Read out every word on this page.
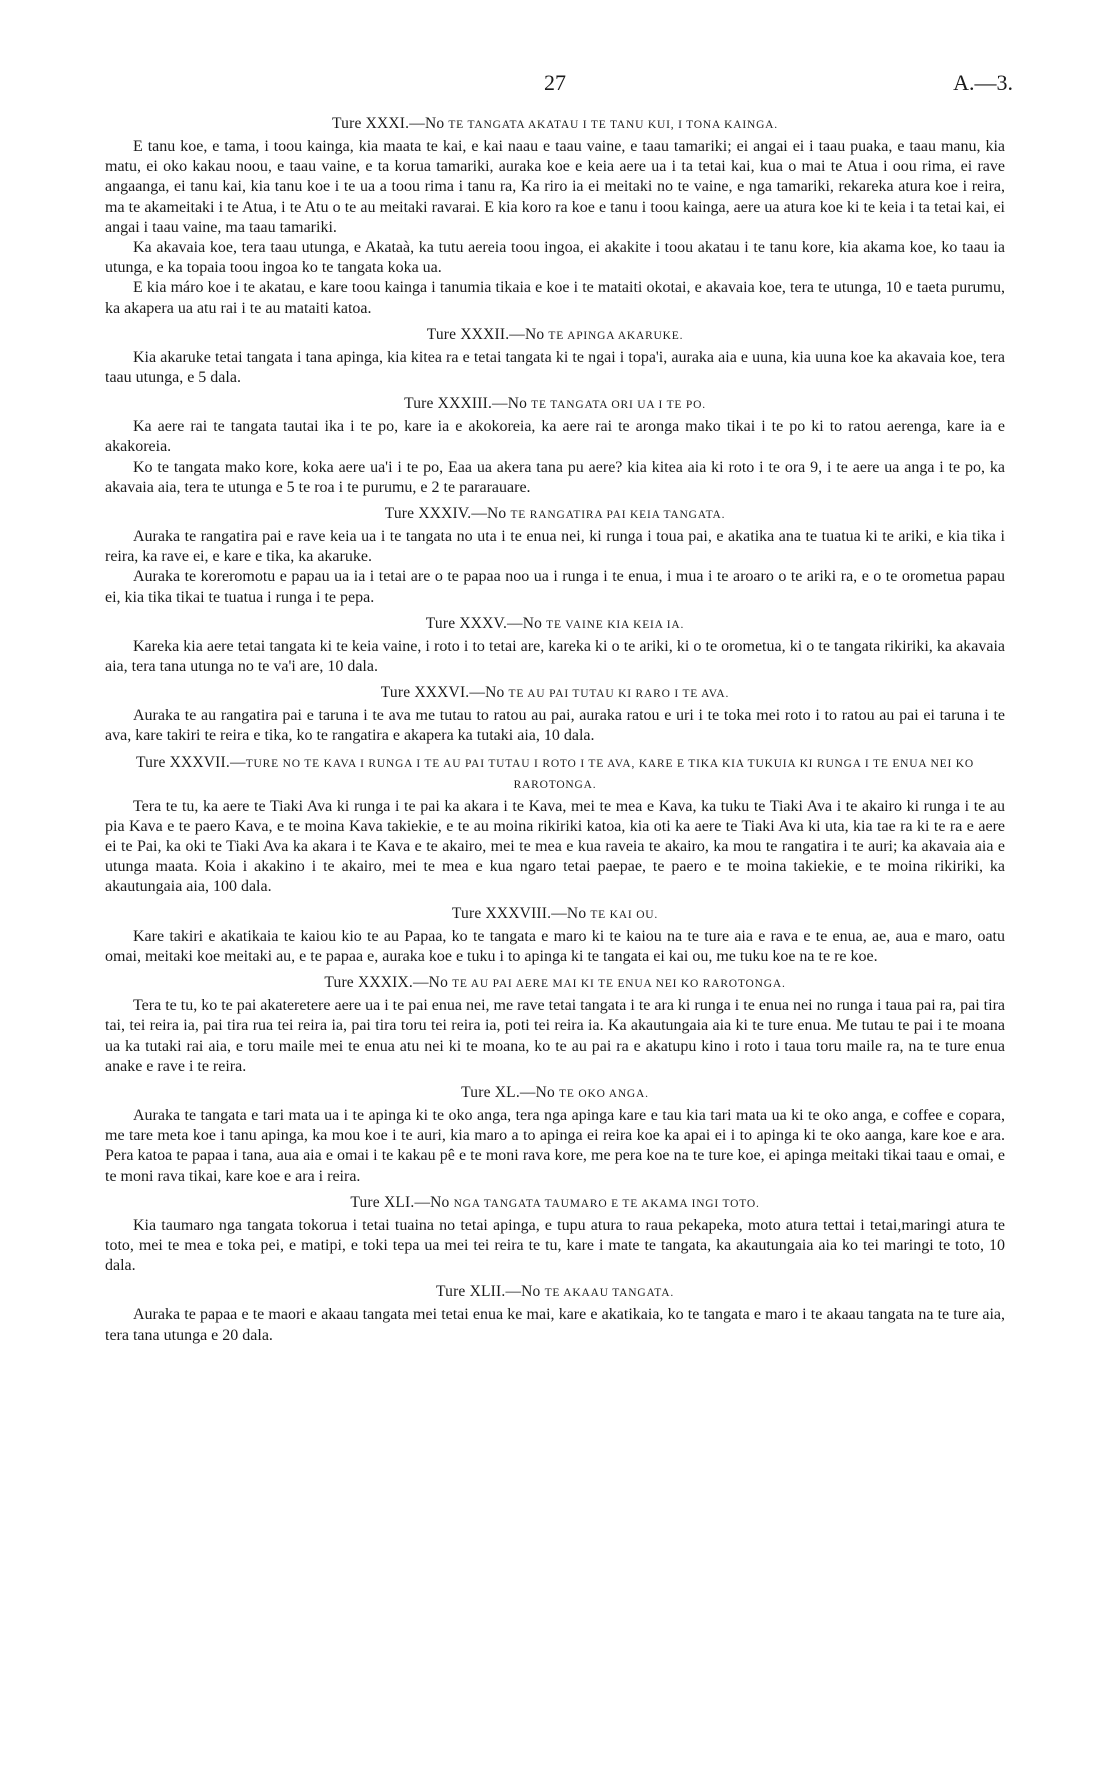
27	A.—3.
Ture XXXI.—No TE TANGATA AKATAU I TE TANU KUI, I TONA KAINGA.

E tanu koe, e tama, i toou kainga, kia maata te kai, e kai naau e taau vaine, e taau tamariki; ei angai ei i taau puaka, e taau manu, kia matu, ei oko kakau noou, e taau vaine, e ta korua tamariki, auraka koe e keia aere ua i ta tetai kai, kua o mai te Atua i oou rima, ei rave angaanga, ei tanu kai, kia tanu koe i te ua a toou rima i tanu ra, Ka riro ia ei meitaki no te vaine, e nga tamariki, rekareka atura koe i reira, ma te akameitaki i te Atua, i te Atu o te au meitaki ravarai. E kia koro ra koe e tanu i toou kainga, aere ua atura koe ki te keia i ta tetai kai, ei angai i taau vaine, ma taau tamariki.

Ka akavaia koe, tera taau utunga, e Akataà, ka tutu aereia toou ingoa, ei akakite i toou akatau i te tanu kore, kia akama koe, ko taau ia utunga, e ka topaia toou ingoa ko te tangata koka ua.

E kia máro koe i te akatau, e kare toou kainga i tanumia tikaia e koe i te mataiti okotai, e akavaia koe, tera te utunga, 10 e taeta purumu, ka akapera ua atu rai i te au mataiti katoa.

Ture XXXII.—No TE APINGA AKARUKE.

Kia akaruke tetai tangata i tana apinga, kia kitea ra e tetai tangata ki te ngai i topa'i, auraka aia e uuna, kia uuna koe ka akavaia koe, tera taau utunga, e 5 dala.

Ture XXXIII.—No TE TANGATA ORI UA I TE PO.

Ka aere rai te tangata tautai ika i te po, kare ia e akokoreia, ka aere rai te aronga mako tikai i te po ki to ratou aerenga, kare ia e akakoreia.

Ko te tangata mako kore, koka aere ua'i i te po, Eaa ua akera tana pu aere? kia kitea aia ki roto i te ora 9, i te aere ua anga i te po, ka akavaia aia, tera te utunga e 5 te roa i te purumu, e 2 te pararauare.

Ture XXXIV.—No TE RANGATIRA PAI KEIA TANGATA.

Auraka te rangatira pai e rave keia ua i te tangata no uta i te enua nei, ki runga i toua pai, e akatika ana te tuatua ki te ariki, e kia tika i reira, ka rave ei, e kare e tika, ka akaruke.

Auraka te koreromotu e papau ua ia i tetai are o te papaa noo ua i runga i te enua, i mua i te aroaro o te ariki ra, e o te orometua papau ei, kia tika tikai te tuatua i runga i te pepa.

Ture XXXV.—No TE VAINE KIA KEIA IA.

Kareka kia aere tetai tangata ki te keia vaine, i roto i to tetai are, kareka ki o te ariki, ki o te orometua, ki o te tangata rikiriki, ka akavaia aia, tera tana utunga no te va'i are, 10 dala.

Ture XXXVI.—No TE AU PAI TUTAU KI RARO I TE AVA.

Auraka te au rangatira pai e taruna i te ava me tutau to ratou au pai, auraka ratou e uri i te toka mei roto i to ratou au pai ei taruna i te ava, kare takiri te reira e tika, ko te rangatira e akapera ka tutaki aia, 10 dala.

Ture XXXVII.—TURE NO TE KAVA I RUNGA I TE AU PAI TUTAU I ROTO I TE AVA, KARE E TIKA KIA TUKUIA KI RUNGA I TE ENUA NEI KO RAROTONGA.

Tera te tu, ka aere te Tiaki Ava ki runga i te pai ka akara i te Kava, mei te mea e Kava, ka tuku te Tiaki Ava i te akairo ki runga i te au pia Kava e te paero Kava, e te moina Kava takiekie, e te au moina rikiriki katoa, kia oti ka aere te Tiaki Ava ki uta, kia tae ra ki te ra e aere ei te Pai, ka oki te Tiaki Ava ka akara i te Kava e te akairo, mei te mea e kua raveia te akairo, ka mou te rangatira i te auri; ka akavaia aia e utunga maata. Koia i akakino i te akairo, mei te mea e kua ngaro tetai paepae, te paero e te moina takiekie, e te moina rikiriki, ka akautungaia aia, 100 dala.

Ture XXXVIII.—No TE KAI OU.

Kare takiri e akatikaia te kaiou kio te au Papaa, ko te tangata e maro ki te kaiou na te ture aia e rava e te enua, ae, aua e maro, oatu omai, meitaki koe meitaki au, e te papaa e, auraka koe e tuku i to apinga ki te tangata ei kai ou, me tuku koe na te re koe.

Ture XXXIX.—No TE AU PAI AERE MAI KI TE ENUA NEI KO RAROTONGA.

Tera te tu, ko te pai akateretere aere ua i te pai enua nei, me rave tetai tangata i te ara ki runga i te enua nei no runga i taua pai ra, pai tira tai, tei reira ia, pai tira rua tei reira ia, pai tira toru tei reira ia, poti tei reira ia. Ka akautungaia aia ki te ture enua. Me tutau te pai i te moana ua ka tutaki rai aia, e toru maile mei te enua atu nei ki te moana, ko te au pai ra e akatupu kino i roto i taua toru maile ra, na te ture enua anake e rave i te reira.

Ture XL.—No TE OKO ANGA.

Auraka te tangata e tari mata ua i te apinga ki te oko anga, tera nga apinga kare e tau kia tari mata ua ki te oko anga, e coffee e copara, me tare meta koe i tanu apinga, ka mou koe i te auri, kia maro a to apinga ei reira koe ka apai ei i to apinga ki te oko aanga, kare koe e ara. Pera katoa te papaa i tana, aua aia e omai i te kakau pê e te moni rava kore, me pera koe na te ture koe, ei apinga meitaki tikai taau e omai, e te moni rava tikai, kare koe e ara i reira.

Ture XLI.—No NGA TANGATA TAUMARO E TE AKAMA INGI TOTO.

Kia taumaro nga tangata tokorua i tetai tuaina no tetai apinga, e tupu atura to raua pekapeka, moto atura tettai i tetai,maringi atura te toto, mei te mea e toka pei, e matipi, e toki tepa ua mei tei reira te tu, kare i mate te tangata, ka akautungaia aia ko tei maringi te toto, 10 dala.

Ture XLII.—No TE AKAAU TANGATA.

Auraka te papaa e te maori e akaau tangata mei tetai enua ke mai, kare e akatikaia, ko te tangata e maro i te akaau tangata na te ture aia, tera tana utunga e 20 dala.
